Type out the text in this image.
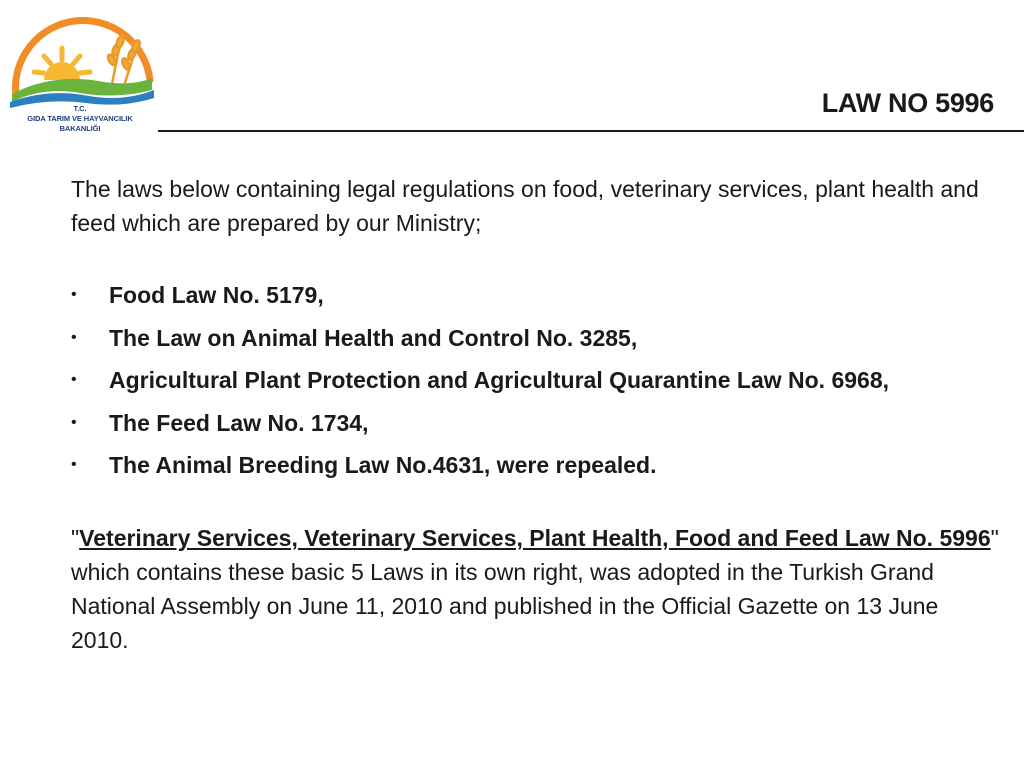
T.C.
GIDA TARIM VE HAYVANCILIK
BAKANLIĞI
LAW NO 5996

The laws below containing legal regulations on food, veterinary services, plant health and feed which are prepared by our Ministry;

• Food Law No. 5179,
• The Law on Animal Health and Control No. 3285,
• Agricultural Plant Protection and Agricultural Quarantine Law No. 6968,
• The Feed Law No. 1734,
• The Animal Breeding Law No.4631, were repealed.

"Veterinary Services, Veterinary Services, Plant Health, Food and Feed Law No. 5996" which contains these basic 5 Laws in its own right, was adopted in the Turkish Grand National Assembly on June 11, 2010 and published in the Official Gazette on 13 June 2010.
